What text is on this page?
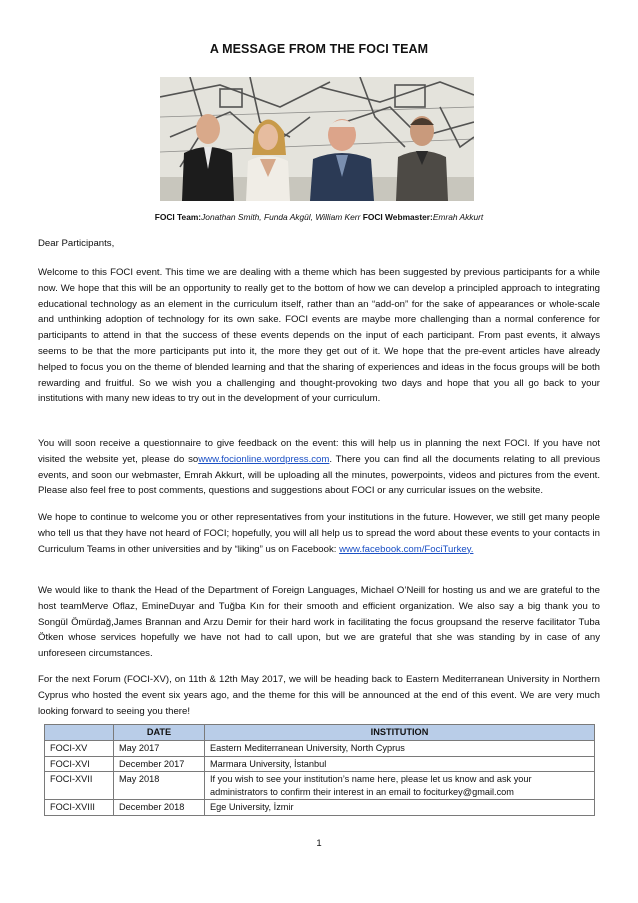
A MESSAGE FROM THE FOCI TEAM
FOCI Team:Jonathan Smith, Funda Akgül, William Kerr FOCI Webmaster:Emrah Akkurt
Dear Participants,

Welcome to this FOCI event. This time we are dealing with a theme which has been suggested by previous participants for a while now. We hope that this will be an opportunity to really get to the bottom of how we can develop a principled approach to integrating educational technology as an element in the curriculum itself, rather than an “add-on” for the sake of appearances or whole-scale and unthinking adoption of technology for its own sake. FOCI events are maybe more challenging than a normal conference for participants to attend in that the success of these events depends on the input of each participant. From past events, it always seems to be that the more participants put into it, the more they get out of it. We hope that the pre-event articles have already helped to focus you on the theme of blended learning and that the sharing of experiences and ideas in the focus groups will be both rewarding and fruitful. So we wish you a challenging and thought-provoking two days and hope that you all go back to your institutions with many new ideas to try out in the development of your curriculum.

You will soon receive a questionnaire to give feedback on the event: this will help us in planning the next FOCI. If you have not visited the website yet, please do sowww.focionline.wordpress.com. There you can find all the documents relating to all previous events, and soon our webmaster, Emrah Akkurt, will be uploading all the minutes, powerpoints, videos and pictures from the event. Please also feel free to post comments, questions and suggestions about FOCI or any curricular issues on the website.

We hope to continue to welcome you or other representatives from your institutions in the future. However, we still get many people who tell us that they have not heard of FOCI; hopefully, you will all help us to spread the word about these events to your contacts in Curriculum Teams in other universities and by “liking” us on Facebook: www.facebook.com/FociTurkey.

We would like to thank the Head of the Department of Foreign Languages, Michael O’Neill for hosting us and we are grateful to the host teamMerve Oflaz, EmineDuyar and Tuğba Kın for their smooth and efficient organization. We also say a big thank you to Songül Ömürdağ,James Brannan and Arzu Demir for their hard work in facilitating the focus groupsand the reserve facilitator Tuba Ötken whose services hopefully we have not had to call upon, but we are grateful that she was standing by in case of any unforeseen circumstances.

For the next Forum (FOCI-XV), on 11th & 12th May 2017, we will be heading back to Eastern Mediterranean University in Northern Cyprus who hosted the event six years ago, and the theme for this will be announced at the end of this event. We are very much looking forward to seeing you there!

	DATE	INSTITUTION
FOCI-XV	May 2017	Eastern Mediterranean University, North Cyprus
FOCI-XVI	December 2017	Marmara University, İstanbul
FOCI-XVII	May 2018	If you wish to see your institution’s name here, please let us know and ask your administrators to confirm their interest in an email to fociturkey@gmail.com
FOCI-XVIII	December 2018	Ege University, İzmir
1
